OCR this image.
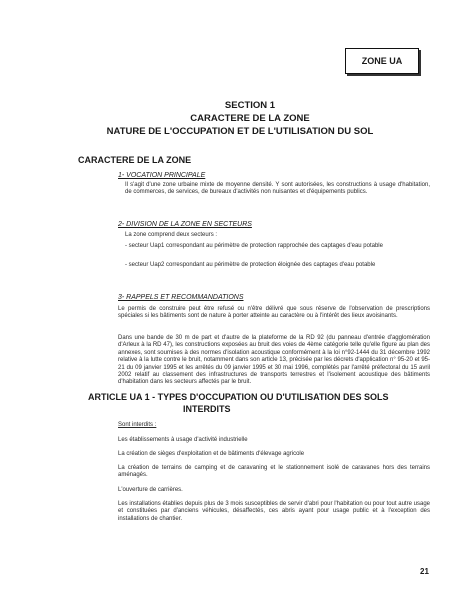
ZONE UA
SECTION 1
CARACTERE DE LA ZONE
NATURE DE L'OCCUPATION ET DE L'UTILISATION DU SOL
CARACTERE DE LA ZONE
1- VOCATION PRINCIPALE
Il s'agit d'une zone urbaine mixte de moyenne densité. Y sont autorisées, les constructions à usage d'habitation, de commerces, de services, de bureaux d'activités non nuisantes et d'équipements publics.
2- DIVISION DE LA ZONE EN SECTEURS
La zone comprend deux secteurs :
- secteur Uap1 correspondant au périmètre de protection rapprochée des captages d'eau potable
- secteur Uap2 correspondant au périmètre de protection éloignée des captages d'eau potable
3- RAPPELS ET RECOMMANDATIONS
Le permis de construire peut être refusé ou n'être délivré que sous réserve de l'observation de prescriptions spéciales si les bâtiments sont de nature à porter atteinte au caractère ou à l'intérêt des lieux avoisinants.
Dans une bande de 30 m de part et d'autre de la plateforme de la RD 92 (du panneau d'entrée d'agglomération d'Arleux à la RD 47), les constructions exposées au bruit des voies de 4ème catégorie telle qu'elle figure au plan des annexes, sont soumises à des normes d'isolation acoustique conformément à la loi n°92-1444 du 31 décembre 1992 relative à la lutte contre le bruit, notamment dans son article 13, précisée par les décrets d'application n° 95-20 et 95-21 du 09 janvier 1995 et les arrêtés du 09 janvier 1995 et 30 mai 1996, complétés par l'arrêté préfectoral du 15 avril 2002 relatif au classement des infrastructures de transports terrestres et l'isolement acoustique des bâtiments d'habitation dans les secteurs affectés par le bruit.
ARTICLE UA 1 - TYPES D'OCCUPATION OU D'UTILISATION DES SOLS
INTERDITS
Sont interdits :
Les établissements à usage d'activité industrielle
La création de sièges d'exploitation et de bâtiments d'élevage agricole
La création de terrains de camping et de caravaning et le stationnement isolé de caravanes hors des terrains aménagés.
L'ouverture de carrières.
Les installations établies depuis plus de 3 mois susceptibles de servir d'abri pour l'habitation ou pour tout autre usage et constituées par d'anciens véhicules, désaffectés, ces abris ayant pour usage public et à l'exception des installations de chantier.
21
